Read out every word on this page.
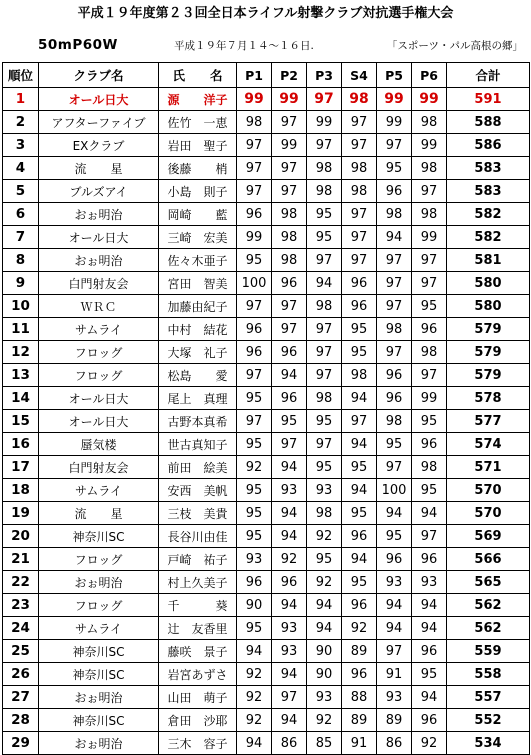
平成１９年度第２３回全日本ライフル射撃クラブ対抗選手権大会
50mP60W	平成１９年７月１４～１６日.	「スポーツ・パル高根の郷」
順位	クラブ名	氏　　名	P1	P2	P3	S4	P5	P6	合計
1	オール日大	源　　洋子	99	99	97	98	99	99	591
2	アフターファイブ	佐竹　一恵	98	97	99	97	99	98	588
3	EXクラブ	岩田　聖子	97	99	97	97	97	99	586
4	流　　星	後藤　　梢	97	97	98	98	95	98	583
5	ブルズアイ	小島　則子	97	97	98	98	96	97	583
6	おぉ明治	岡崎　　藍	96	98	95	97	98	98	582
7	オール日大	三崎　宏美	99	98	95	97	94	99	582
8	おぉ明治	佐々木亜子	95	98	97	97	97	97	581
9	白門射友会	宮田　智美	100	96	94	96	97	97	580
10	ＷＲＣ	加藤由紀子	97	97	98	96	97	95	580
11	サムライ	中村　結花	96	97	97	95	98	96	579
12	フロッグ	大塚　礼子	96	96	97	95	97	98	579
13	フロッグ	松島　　愛	97	94	97	98	96	97	579
14	オール日大	尾上　真理	95	96	98	94	96	99	578
15	オール日大	古野本真希	97	95	95	97	98	95	577
16	蜃気楼	世古真知子	95	97	97	94	95	96	574
17	白門射友会	前田　絵美	92	94	95	95	97	98	571
18	サムライ	安西　美帆	95	93	93	94	100	95	570
19	流　　星	三枝　美貴	95	94	98	95	94	94	570
20	神奈川SC	長谷川由佳	95	94	92	96	95	97	569
21	フロッグ	戸崎　祐子	93	92	95	94	96	96	566
22	おぉ明治	村上久美子	96	96	92	95	93	93	565
23	フロッグ	千　　　葵	90	94	94	96	94	94	562
24	サムライ	辻　友香里	95	93	94	92	94	94	562
25	神奈川SC	藤咲　景子	94	93	90	89	97	96	559
26	神奈川SC	岩宮あずさ	92	94	90	96	91	95	558
27	おぉ明治	山田　萌子	92	97	93	88	93	94	557
28	神奈川SC	倉田　沙耶	92	94	92	89	89	96	552
29	おぉ明治	三木　容子	94	86	85	91	86	92	534
